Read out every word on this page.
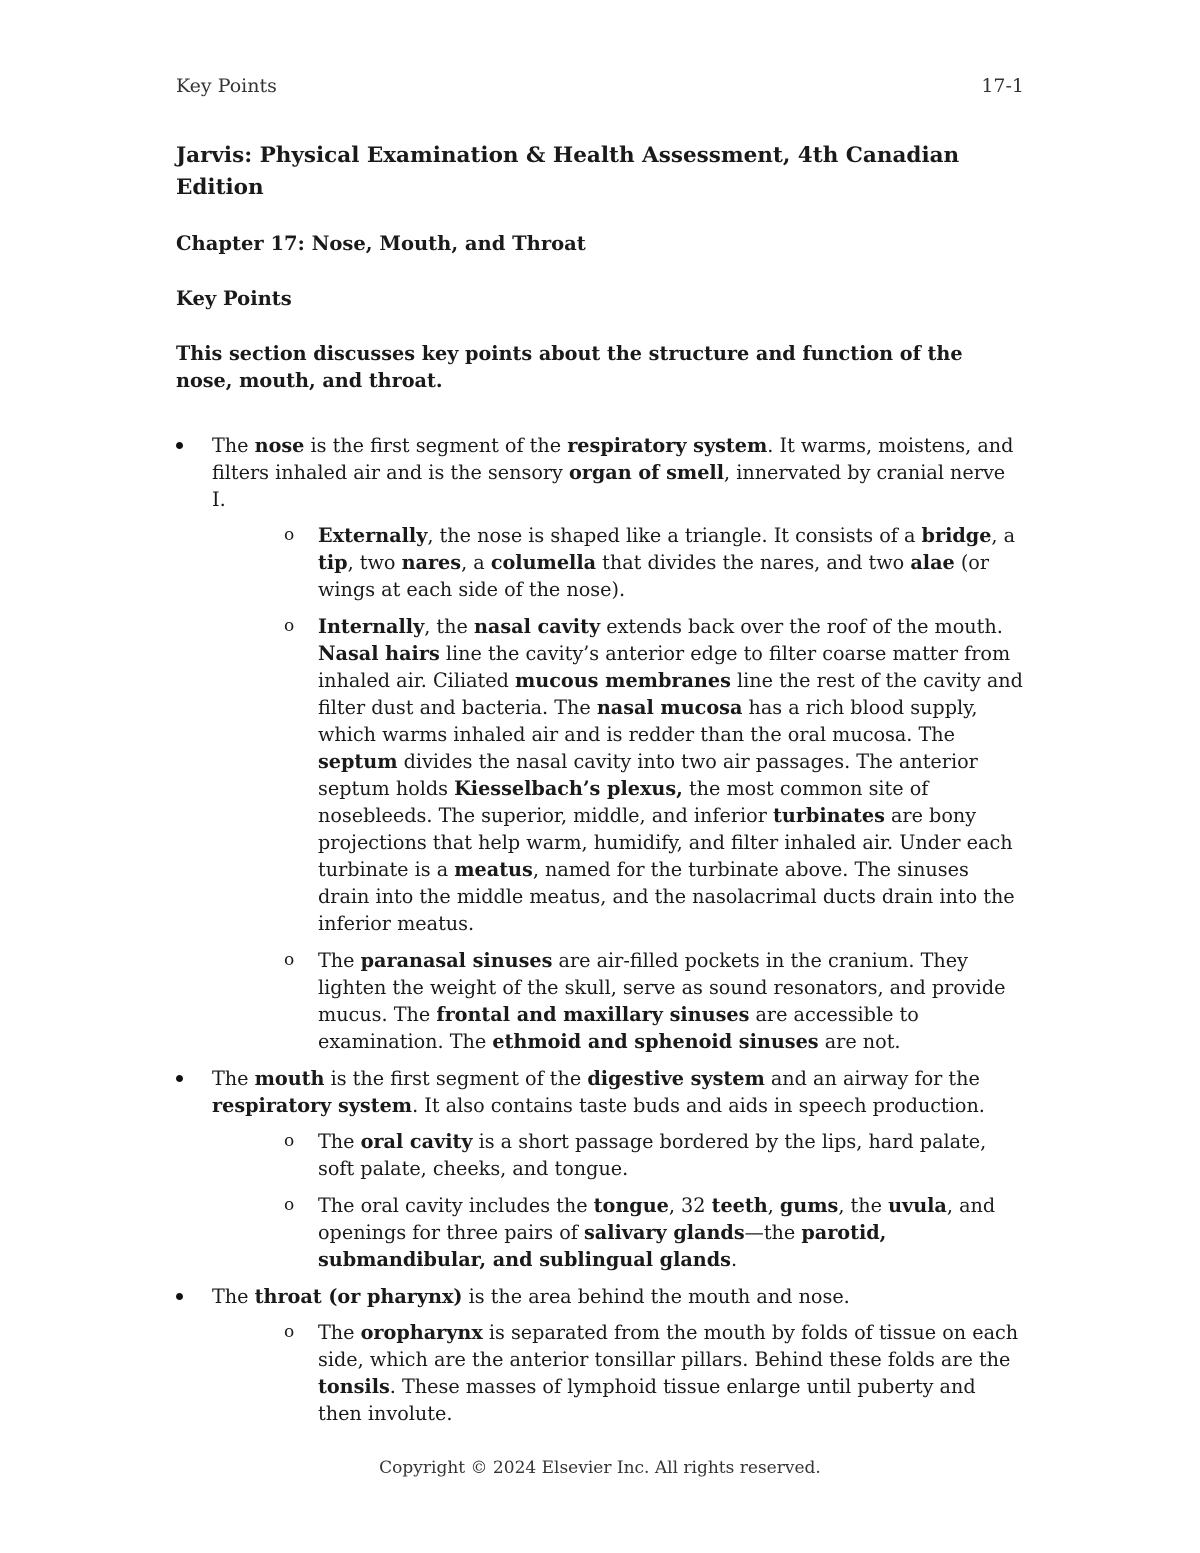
Key Points	17-1
Jarvis: Physical Examination & Health Assessment, 4th Canadian Edition
Chapter 17: Nose, Mouth, and Throat
Key Points

This section discusses key points about the structure and function of the nose, mouth, and throat.

The nose is the first segment of the respiratory system. It warms, moistens, and filters inhaled air and is the sensory organ of smell, innervated by cranial nerve I.
o Externally, the nose is shaped like a triangle. It consists of a bridge, a tip, two nares, a columella that divides the nares, and two alae (or wings at each side of the nose).
o Internally, the nasal cavity extends back over the roof of the mouth. Nasal hairs line the cavity’s anterior edge to filter coarse matter from inhaled air. Ciliated mucous membranes line the rest of the cavity and filter dust and bacteria. The nasal mucosa has a rich blood supply, which warms inhaled air and is redder than the oral mucosa. The septum divides the nasal cavity into two air passages. The anterior septum holds Kiesselbach’s plexus, the most common site of nosebleeds. The superior, middle, and inferior turbinates are bony projections that help warm, humidify, and filter inhaled air. Under each turbinate is a meatus, named for the turbinate above. The sinuses drain into the middle meatus, and the nasolacrimal ducts drain into the inferior meatus.
o The paranasal sinuses are air-filled pockets in the cranium. They lighten the weight of the skull, serve as sound resonators, and provide mucus. The frontal and maxillary sinuses are accessible to examination. The ethmoid and sphenoid sinuses are not.
The mouth is the first segment of the digestive system and an airway for the respiratory system. It also contains taste buds and aids in speech production.
o The oral cavity is a short passage bordered by the lips, hard palate, soft palate, cheeks, and tongue.
o The oral cavity includes the tongue, 32 teeth, gums, the uvula, and openings for three pairs of salivary glands—the parotid, submandibular, and sublingual glands.
The throat (or pharynx) is the area behind the mouth and nose.
o The oropharynx is separated from the mouth by folds of tissue on each side, which are the anterior tonsillar pillars. Behind these folds are the tonsils. These masses of lymphoid tissue enlarge until puberty and then involute.
Copyright © 2024 Elsevier Inc. All rights reserved.
